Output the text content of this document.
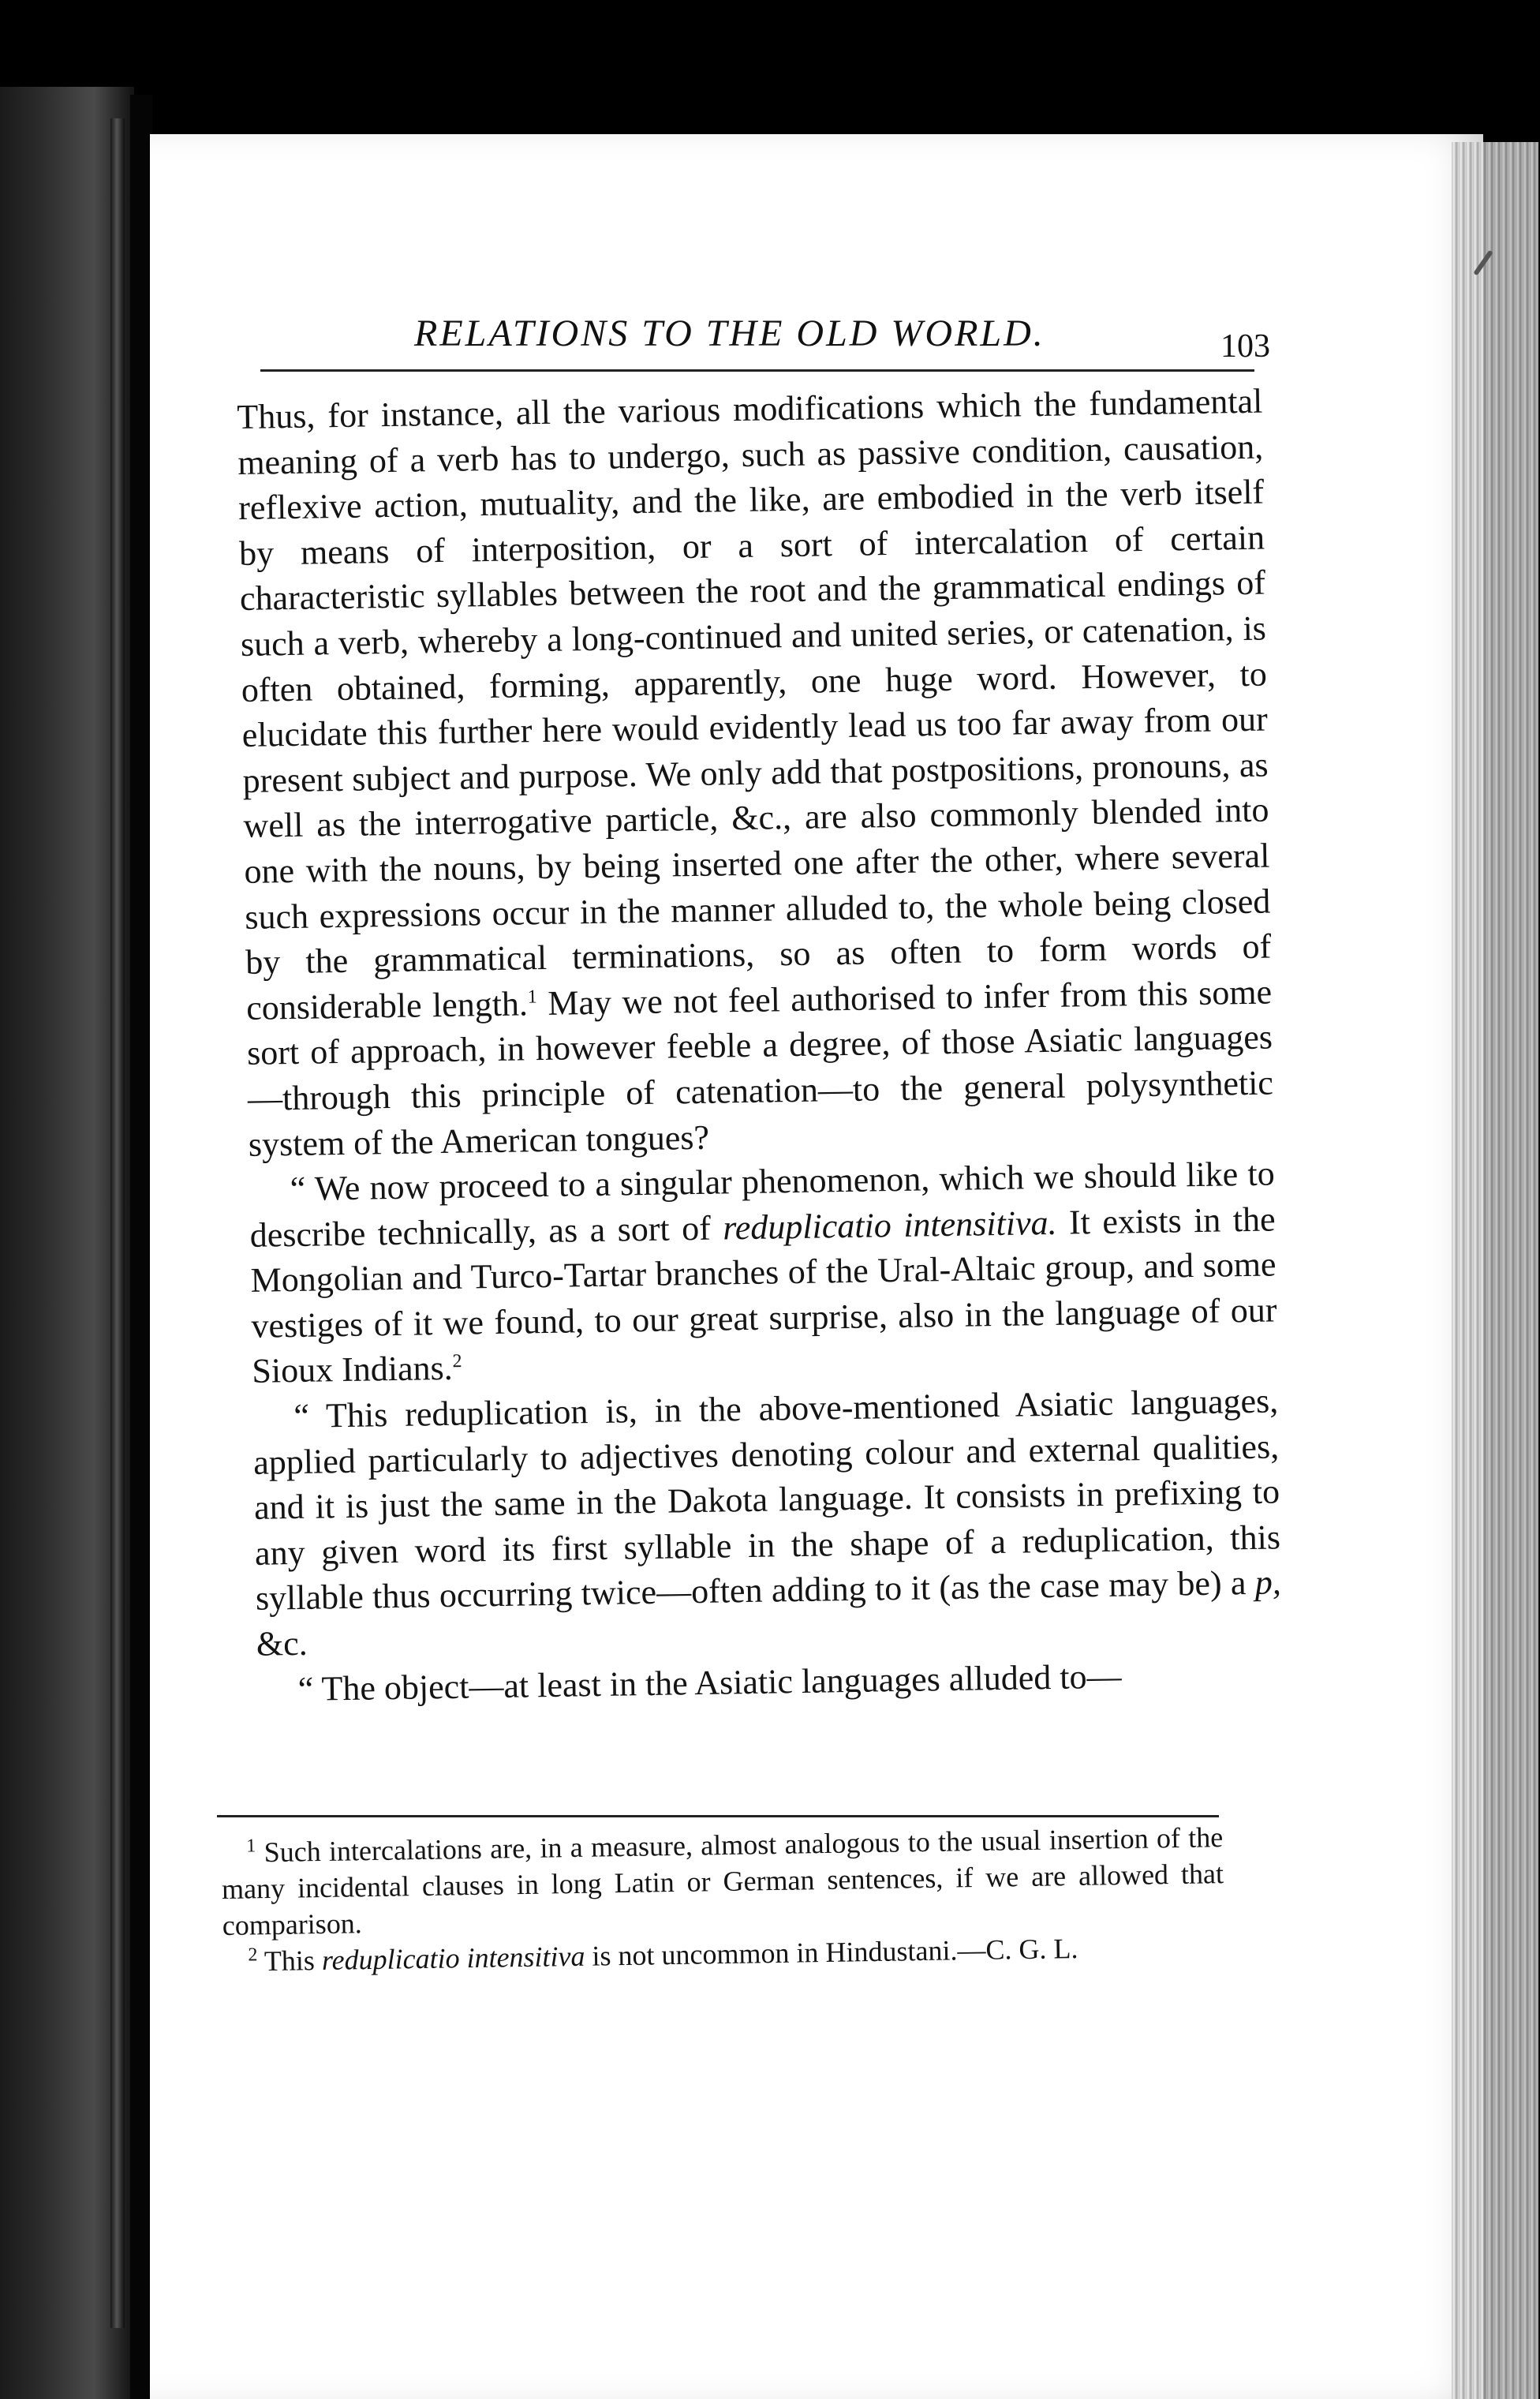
RELATIONS TO THE OLD WORLD.	103

Thus, for instance, all the various modifications which the fundamental meaning of a verb has to undergo, such as passive condition, causation, reflexive action, mutuality, and the like, are embodied in the verb itself by means of interposition, or a sort of intercalation of certain characteristic syllables between the root and the grammatical endings of such a verb, whereby a long-continued and united series, or catenation, is often obtained, forming, apparently, one huge word. However, to elucidate this further here would evidently lead us too far away from our present subject and purpose. We only add that postpositions, pronouns, as well as the interrogative particle, &c., are also commonly blended into one with the nouns, by being inserted one after the other, where several such expressions occur in the manner alluded to, the whole being closed by the grammatical terminations, so as often to form words of considerable length.$^1$ May we not feel authorised to infer from this some sort of approach, in however feeble a degree, of those Asiatic languages —through this principle of catenation—to the general polysynthetic system of the American tongues?

“ We now proceed to a singular phenomenon, which we should like to describe technically, as a sort of reduplicatio intensitiva. It exists in the Mongolian and Turco-Tartar branches of the Ural-Altaic group, and some vestiges of it we found, to our great surprise, also in the language of our Sioux Indians.$^2$

“ This reduplication is, in the above-mentioned Asiatic languages, applied particularly to adjectives denoting colour and external qualities, and it is just the same in the Dakota language. It consists in prefixing to any given word its first syllable in the shape of a reduplication, this syllable thus occurring twice—often adding to it (as the case may be) a p, &c.

“ The object—at least in the Asiatic languages alluded to—

$^1$ Such intercalations are, in a measure, almost analogous to the usual insertion of the many incidental clauses in long Latin or German sentences, if we are allowed that comparison.

$^2$ This reduplicatio intensitiva is not uncommon in Hindustani.—C. G. L.
